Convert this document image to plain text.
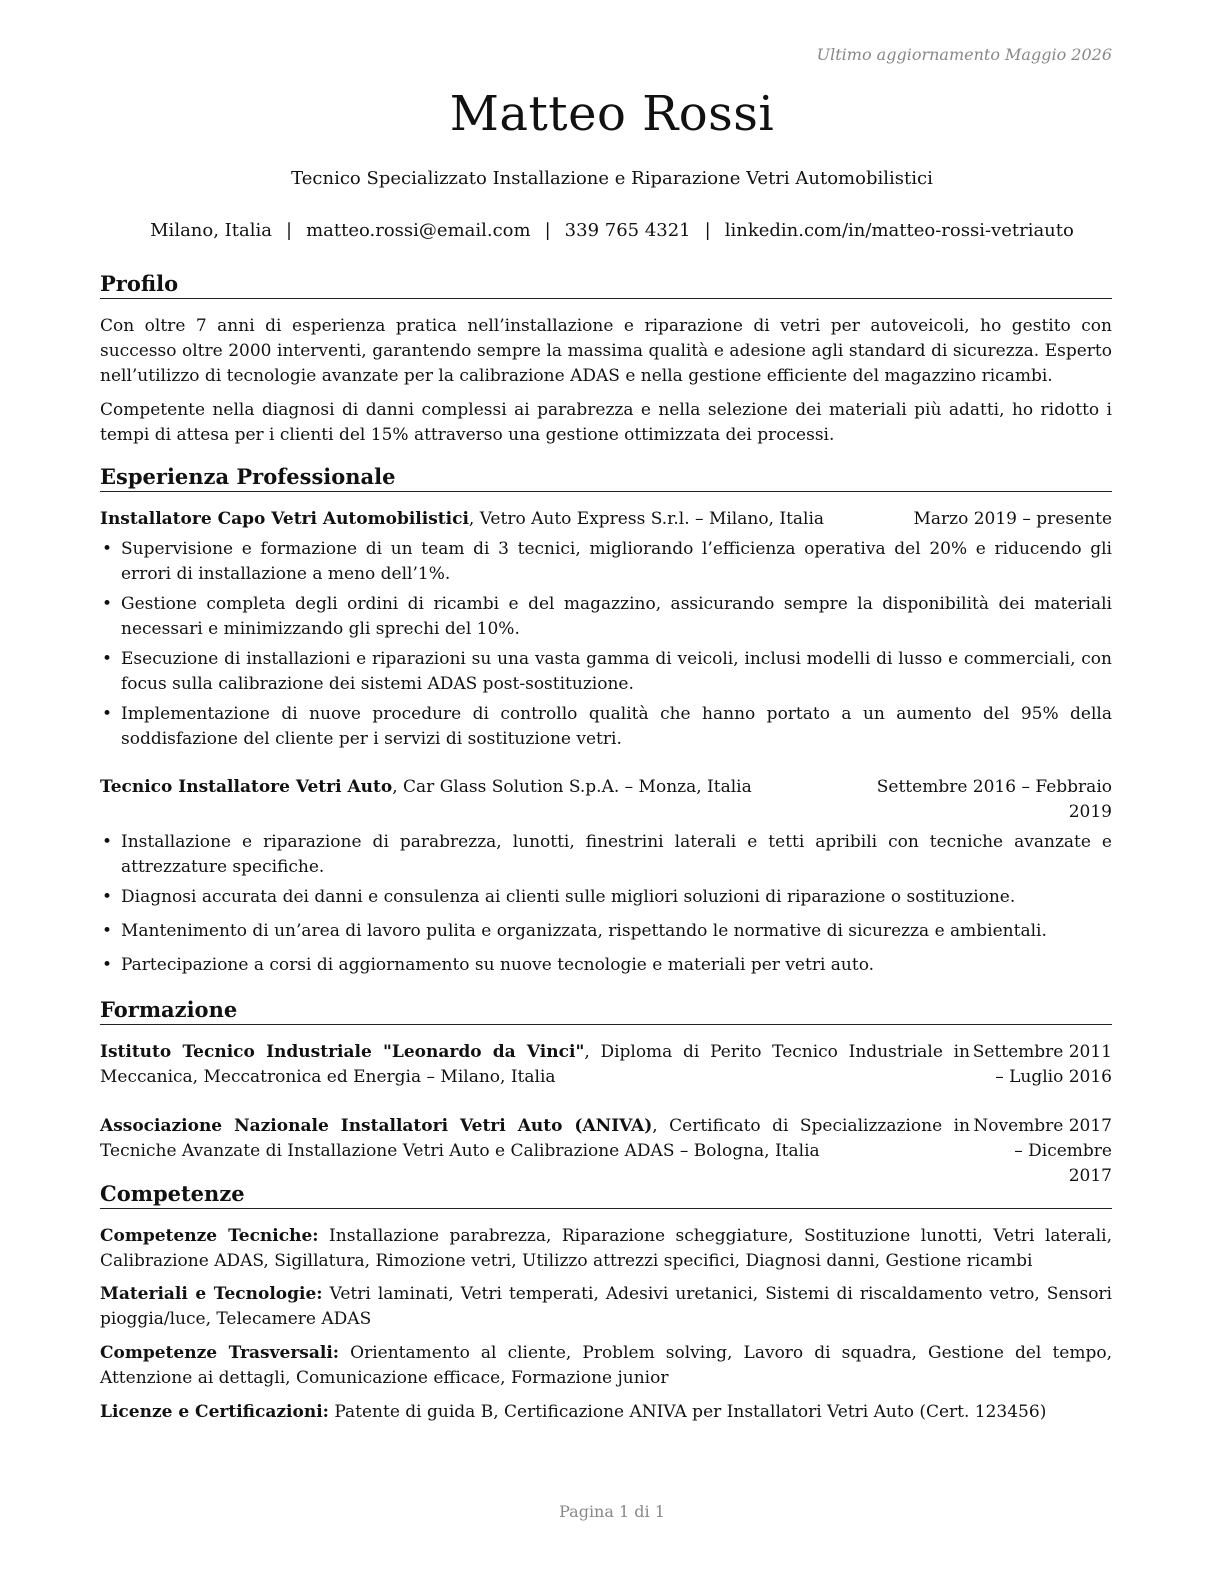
Ultimo aggiornamento Maggio 2026
Matteo Rossi
Tecnico Specializzato Installazione e Riparazione Vetri Automobilistici
Milano, Italia | matteo.rossi@email.com | 339 765 4321 | linkedin.com/in/matteo-rossi-vetriauto
Profilo
Con oltre 7 anni di esperienza pratica nell’installazione e riparazione di vetri per autoveicoli, ho gestito con successo oltre 2000 interventi, garantendo sempre la massima qualità e adesione agli standard di sicurezza. Esperto nell’utilizzo di tecnologie avanzate per la calibrazione ADAS e nella gestione efficiente del magazzino ricambi.
Competente nella diagnosi di danni complessi ai parabrezza e nella selezione dei materiali più adatti, ho ridotto i tempi di attesa per i clienti del 15% attraverso una gestione ottimizzata dei processi.
Esperienza Professionale
Installatore Capo Vetri Automobilistici, Vetro Auto Express S.r.l. – Milano, Italia	Marzo 2019 – presente
• Supervisione e formazione di un team di 3 tecnici, migliorando l’efficienza operativa del 20% e riducendo gli errori di installazione a meno dell’1%.
• Gestione completa degli ordini di ricambi e del magazzino, assicurando sempre la disponibilità dei materiali necessari e minimizzando gli sprechi del 10%.
• Esecuzione di installazioni e riparazioni su una vasta gamma di veicoli, inclusi modelli di lusso e commerciali, con focus sulla calibrazione dei sistemi ADAS post-sostituzione.
• Implementazione di nuove procedure di controllo qualità che hanno portato a un aumento del 95% della soddisfazione del cliente per i servizi di sostituzione vetri.
Tecnico Installatore Vetri Auto, Car Glass Solution S.p.A. – Monza, Italia	Settembre 2016 – Febbraio 2019
• Installazione e riparazione di parabrezza, lunotti, finestrini laterali e tetti apribili con tecniche avanzate e attrezzature specifiche.
• Diagnosi accurata dei danni e consulenza ai clienti sulle migliori soluzioni di riparazione o sostituzione.
• Mantenimento di un’area di lavoro pulita e organizzata, rispettando le normative di sicurezza e ambientali.
• Partecipazione a corsi di aggiornamento su nuove tecnologie e materiali per vetri auto.
Formazione
Istituto Tecnico Industriale "Leonardo da Vinci", Diploma di Perito Tecnico Industriale in Meccanica, Meccatronica ed Energia – Milano, Italia
Settembre 2011 – Luglio 2016
Associazione Nazionale Installatori Vetri Auto (ANIVA), Certificato di Specializzazione in Tecniche Avanzate di Installazione Vetri Auto e Calibrazione ADAS – Bologna, Italia
Novembre 2017 – Dicembre 2017
Competenze
Competenze Tecniche: Installazione parabrezza, Riparazione scheggiature, Sostituzione lunotti, Vetri laterali, Calibrazione ADAS, Sigillatura, Rimozione vetri, Utilizzo attrezzi specifici, Diagnosi danni, Gestione ricambi
Materiali e Tecnologie: Vetri laminati, Vetri temperati, Adesivi uretanici, Sistemi di riscaldamento vetro, Sensori pioggia/luce, Telecamere ADAS
Competenze Trasversali: Orientamento al cliente, Problem solving, Lavoro di squadra, Gestione del tempo, Attenzione ai dettagli, Comunicazione efficace, Formazione junior
Licenze e Certificazioni: Patente di guida B, Certificazione ANIVA per Installatori Vetri Auto (Cert. 123456)
Pagina 1 di 1
